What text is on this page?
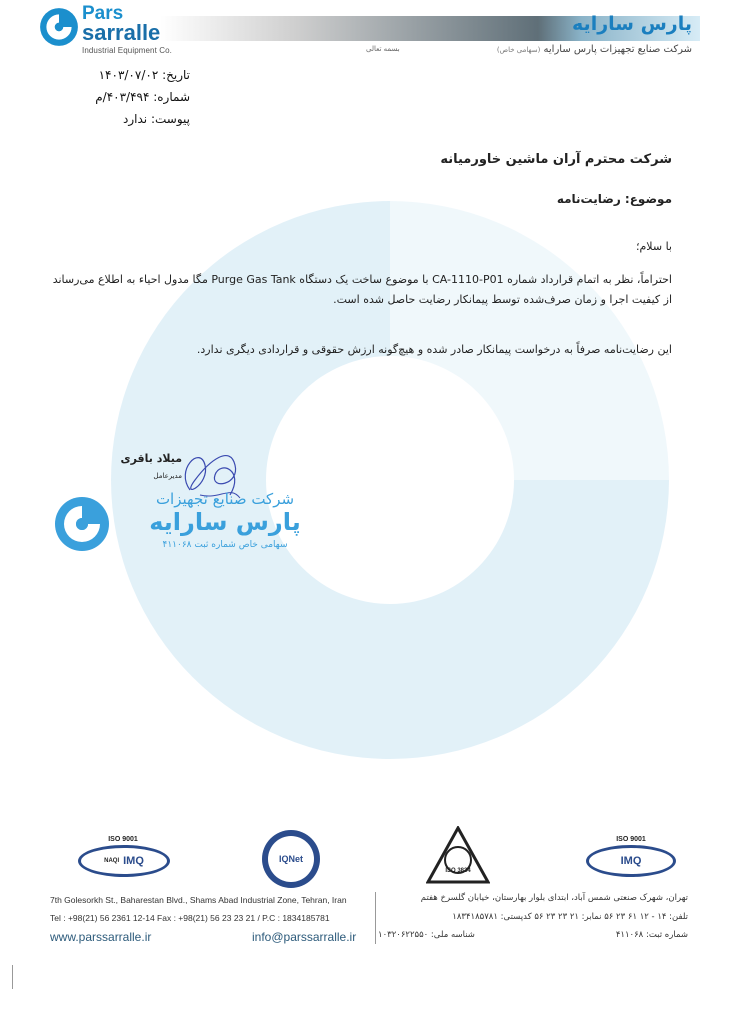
Pars
sarralle
Industrial Equipment Co.
پارس سارایه
شرکت صنایع تجهیزات پارس سارایه (سهامی خاص)
بسمه تعالی
تاریخ: ۱۴۰۳/۰۷/۰۲
شماره: ۴۰۳/۴۹۴/م
پیوست: ندارد
شرکت محترم آران ماشین خاورمیانه
موضوع: رضایت‌نامه
با سلام؛
احتراماً، نظر به اتمام قرارداد شماره CA-1110-P01 با موضوع ساخت یک دستگاه Purge Gas Tank مگا مدول احیاء به اطلاع می‌رساند از کیفیت اجرا و زمان صرف‌شده توسط پیمانکار رضایت حاصل شده است.
این رضایت‌نامه صرفاً به درخواست پیمانکار صادر شده و هیچ‌گونه ارزش حقوقی و قراردادی دیگری ندارد.
میلاد باقری
مدیرعامل
شرکت صنایع تجهیزات
پارس سارایه
سهامی خاص شماره ثبت ۴۱۱۰۶۸
ISO 9001
NAQI IMQ	IQNet
ISO 3834
ISO 9001
IMQ
7th Golesorkh St., Baharestan Blvd., Shams Abad Industrial Zone, Tehran, Iran
Tel : +98(21) 56 2361 12-14 Fax : +98(21) 56 23 23 21 / P.C : 1834185781
www.parssarralle.ir	info@parssarralle.ir
تهران، شهرک صنعتی شمس آباد، ابتدای بلوار بهارستان، خیابان گلسرخ هفتم
تلفن: ۱۴ - ۱۲ ۶۱ ۲۳ ۵۶ نمابر: ۲۱ ۲۳ ۲۳ ۵۶ کدپستی: ۱۸۳۴۱۸۵۷۸۱
شماره ثبت: ۴۱۱۰۶۸
شناسه ملی: ۱۰۳۲۰۶۲۲۵۵۰
